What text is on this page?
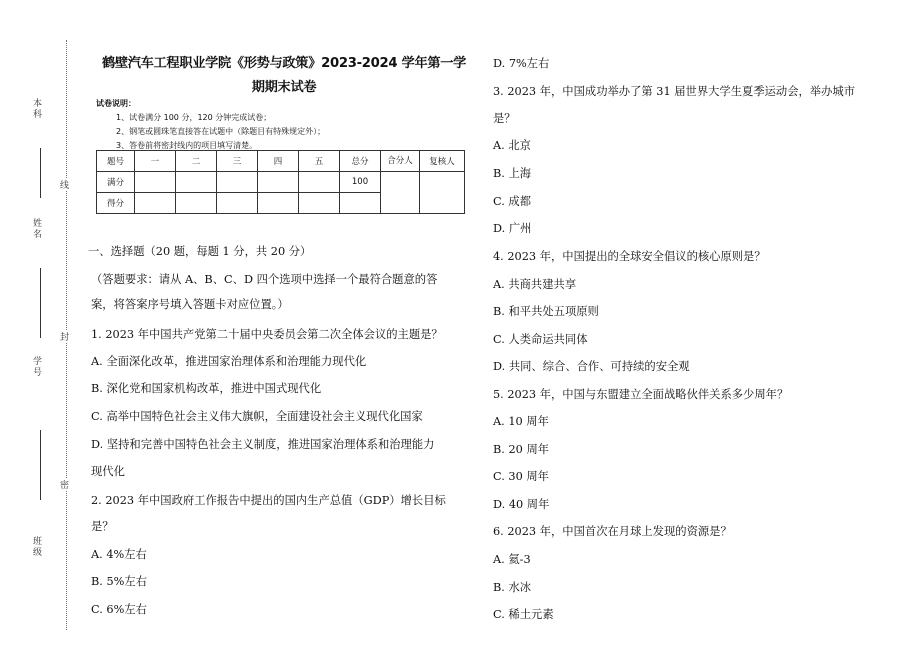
本科
姓名
学号
班级
线
封
密
鹤壁汽车工程职业学院《形势与政策》2023-2024 学年第一学
期期末试卷
试卷说明：
1、试卷满分 100 分，120 分钟完成试卷；
2、钢笔或圆珠笔直接答在试题中（除题目有特殊规定外）；
3、答卷前将密封线内的项目填写清楚。
题号	一	二	三	四	五	总分	合分人	复核人
满分						100		
得分								
一、选择题（20 题，每题 1 分，共 20 分）
（答题要求：请从 A、B、C、D 四个选项中选择一个最符合题意的答
案，将答案序号填入答题卡对应位置。）
1. 2023 年中国共产党第二十届中央委员会第二次全体会议的主题是？
A. 全面深化改革，推进国家治理体系和治理能力现代化
B. 深化党和国家机构改革，推进中国式现代化
C. 高举中国特色社会主义伟大旗帜，全面建设社会主义现代化国家
D. 坚持和完善中国特色社会主义制度，推进国家治理体系和治理能力
现代化
2. 2023 年中国政府工作报告中提出的国内生产总值（GDP）增长目标
是？
A. 4%左右
B. 5%左右
C. 6%左右
D. 7%左右
3. 2023 年，中国成功举办了第 31 届世界大学生夏季运动会，举办城市
是？
A. 北京
B. 上海
C. 成都
D. 广州
4. 2023 年，中国提出的全球安全倡议的核心原则是？
A. 共商共建共享
B. 和平共处五项原则
C. 人类命运共同体
D. 共同、综合、合作、可持续的安全观
5. 2023 年，中国与东盟建立全面战略伙伴关系多少周年？
A. 10 周年
B. 20 周年
C. 30 周年
D. 40 周年
6. 2023 年，中国首次在月球上发现的资源是？
A. 氦-3
B. 水冰
C. 稀土元素
